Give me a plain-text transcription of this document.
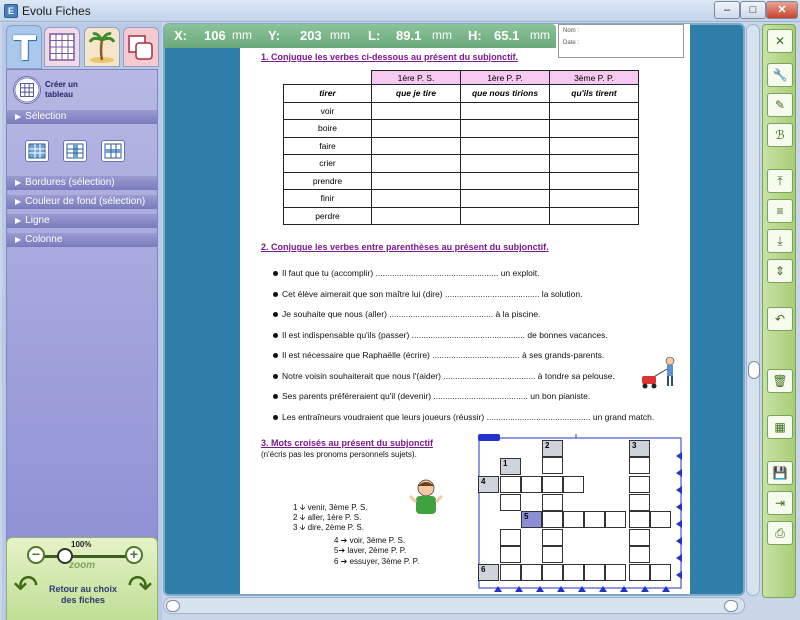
E Evolu Fiches	–	□	✕
T
Créer un tableau
▶ Sélection
▶ Bordures (sélection)
▶ Couleur de fond (sélection)
▶ Ligne
▶ Colonne
100%
−	+
zoom
↶	↷
Retour au choix des fiches
X: 106 mm Y: 203 mm L: 89.1 mm H: 65.1 mm	Nom :
Date :
1. Conjugue les verbes ci-dessous au présent du subjonctif.
	1ère P. S.	1ère P. P.	3ème P. P.
tirer	que je tire	que nous tirions	qu'ils tirent
voir			
boire			
faire			
crier			
prendre			
finir			
perdre			
2. Conjugue les verbes entre parenthèses au présent du subjonctif.
Il faut que tu (accomplir) .................................................... un exploit.
Cet élève aimerait que son maître lui (dire) ........................................ la solution.
Je souhaite que nous (aller) ............................................ à la piscine.
Il est indispensable qu'ils (passer) ................................................ de bonnes vacances.
Il est nécessaire que Raphaëlle (écrire) ..................................... à ses grands-parents.
Notre voisin souhaiterait que nous l'(aider) ....................................... à tondre sa pelouse.
Ses parents préféreraient qu'il (devenir) ........................................ un bon pianiste.
Les entraîneurs voudraient que leurs joueurs (réussir) ............................................ un grand match.
3. Mots croisés au présent du subjonctif
(n'écris pas les pronoms personnels sujets).
1 🡫 venir, 3ème P. S.
2 🡫 aller, 1ère P. S.
3 🡫 dire, 2ème P. S.
4 ➔ voir, 3ème P. S.
5➔ laver, 2ème P. P.
6 ➔ essuyer, 3ème P. P.
2	3
1
4
5
6
✕
🔧
✎
ℬ
⤒
≡
⤓
⇕
↶
🗑
▦
💾
⇥
⎙
